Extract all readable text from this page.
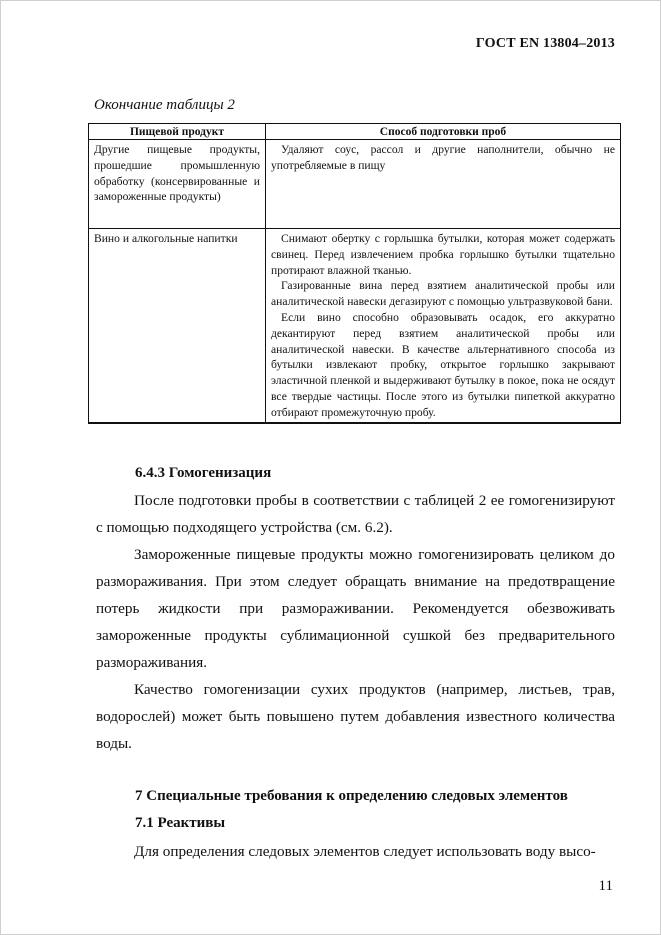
ГОСТ EN 13804–2013
Окончание таблицы 2
Пищевой продукт	Способ подготовки проб
Другие пищевые продукты, прошедшие промышленную обработку (консервированные и замороженные продукты)	Удаляют соус, рассол и другие наполнители, обычно не употребляемые в пищу

Вино и алкогольные напитки	Снимают обертку с горлышка бутылки, которая может содержать свинец. Перед извлечением пробка горлышко бутылки тщательно протирают влажной тканью.

Газированные вина перед взятием аналитической пробы или аналитической навески дегазируют с помощью ультразвуковой бани.

Если вино способно образовывать осадок, его аккуратно декантируют перед взятием аналитической пробы или аналитической навески. В качестве альтернативного способа из бутылки извлекают пробку, открытое горлышко закрывают эластичной пленкой и выдерживают бутылку в покое, пока не осядут все твердые частицы. После этого из бутылки пипеткой аккуратно отбирают промежуточную пробу.

6.4.3 Гомогенизация

После подготовки пробы в соответствии с таблицей 2 ее гомогенизируют с помощью подходящего устройства (см. 6.2).

Замороженные пищевые продукты можно гомогенизировать целиком до размораживания. При этом следует обращать внимание на предотвращение потерь жидкости при размораживании. Рекомендуется обезвоживать замороженные продукты сублимационной сушкой без предварительного размораживания.

Качество гомогенизации сухих продуктов (например, листьев, трав, водорослей) может быть повышено путем добавления известного количества воды.

7 Специальные требования к определению следовых элементов
7.1 Реактивы

Для определения следовых элементов следует использовать воду высо-

11
